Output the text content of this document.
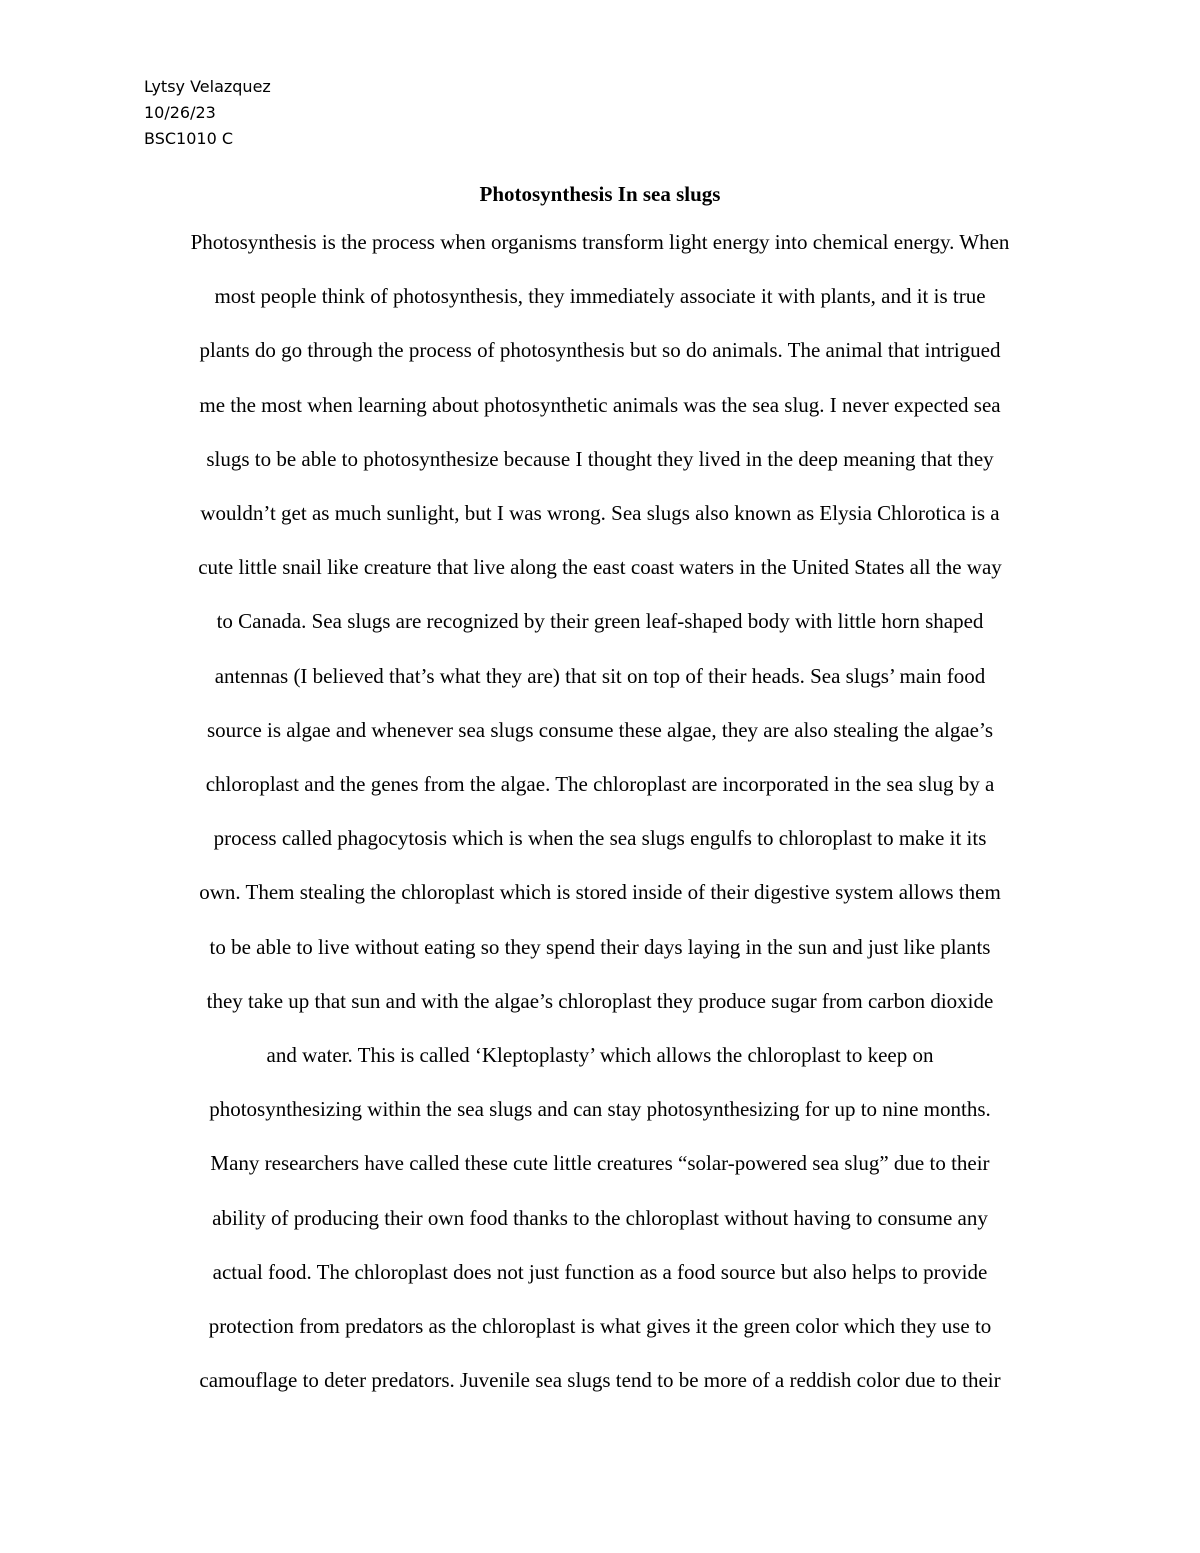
Lytsy Velazquez
10/26/23
BSC1010 C
Photosynthesis In sea slugs
Photosynthesis is the process when organisms transform light energy into chemical energy. When
most people think of photosynthesis, they immediately associate it with plants, and it is true
plants do go through the process of photosynthesis but so do animals. The animal that intrigued
me the most when learning about photosynthetic animals was the sea slug. I never expected sea
slugs to be able to photosynthesize because I thought they lived in the deep meaning that they
wouldn’t get as much sunlight, but I was wrong. Sea slugs also known as Elysia Chlorotica is a
cute little snail like creature that live along the east coast waters in the United States all the way
to Canada. Sea slugs are recognized by their green leaf-shaped body with little horn shaped
antennas (I believed that’s what they are) that sit on top of their heads. Sea slugs’ main food
source is algae and whenever sea slugs consume these algae, they are also stealing the algae’s
chloroplast and the genes from the algae. The chloroplast are incorporated in the sea slug by a
process called phagocytosis which is when the sea slugs engulfs to chloroplast to make it its
own. Them stealing the chloroplast which is stored inside of their digestive system allows them
to be able to live without eating so they spend their days laying in the sun and just like plants
they take up that sun and with the algae’s chloroplast they produce sugar from carbon dioxide
and water. This is called ‘Kleptoplasty’ which allows the chloroplast to keep on
photosynthesizing within the sea slugs and can stay photosynthesizing for up to nine months.
Many researchers have called these cute little creatures “solar-powered sea slug” due to their
ability of producing their own food thanks to the chloroplast without having to consume any
actual food. The chloroplast does not just function as a food source but also helps to provide
protection from predators as the chloroplast is what gives it the green color which they use to
camouflage to deter predators. Juvenile sea slugs tend to be more of a reddish color due to their
